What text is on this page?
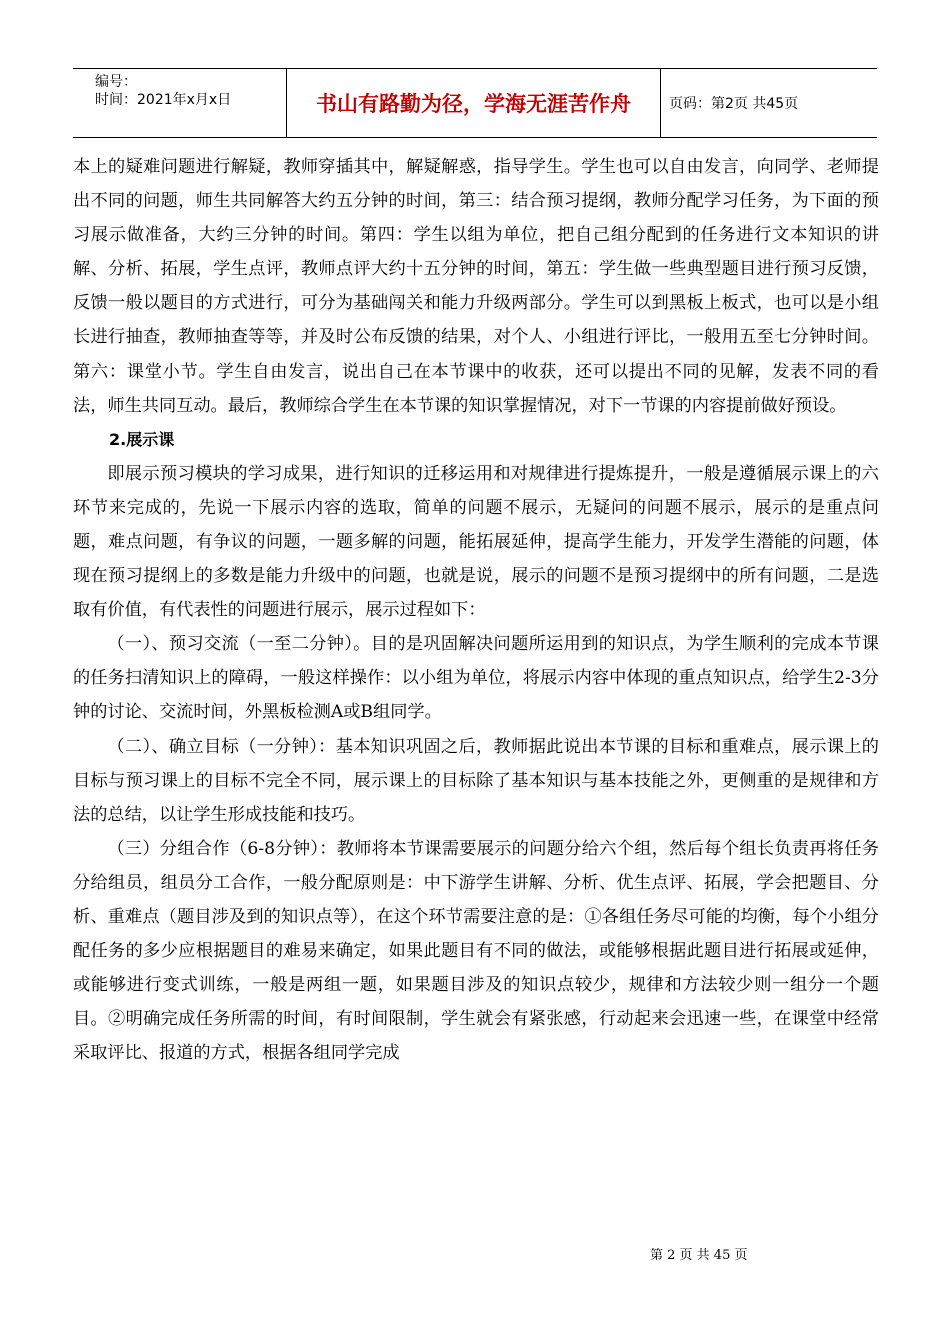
编号：
时间：2021年x月x日	书山有路勤为径，学海无涯苦作舟	页码：第2页 共45页

本上的疑难问题进行解疑，教师穿插其中，解疑解惑，指导学生。学生也可以自由发言，向同学、老师提出不同的问题，师生共同解答大约五分钟的时间，第三：结合预习提纲，教师分配学习任务，为下面的预习展示做准备，大约三分钟的时间。第四：学生以组为单位，把自己组分配到的任务进行文本知识的讲解、分析、拓展，学生点评，教师点评大约十五分钟的时间，第五：学生做一些典型题目进行预习反馈，反馈一般以题目的方式进行，可分为基础闯关和能力升级两部分。学生可以到黑板上板式，也可以是小组长进行抽查，教师抽查等等，并及时公布反馈的结果，对个人、小组进行评比，一般用五至七分钟时间。第六：课堂小节。学生自由发言，说出自己在本节课中的收获，还可以提出不同的见解，发表不同的看法，师生共同互动。最后，教师综合学生在本节课的知识掌握情况，对下一节课的内容提前做好预设。

2.展示课

即展示预习模块的学习成果，进行知识的迁移运用和对规律进行提炼提升，一般是遵循展示课上的六环节来完成的，先说一下展示内容的选取，简单的问题不展示，无疑问的问题不展示，展示的是重点问题，难点问题，有争议的问题，一题多解的问题，能拓展延伸，提高学生能力，开发学生潜能的问题，体现在预习提纲上的多数是能力升级中的问题，也就是说，展示的问题不是预习提纲中的所有问题，二是选取有价值，有代表性的问题进行展示，展示过程如下：

（一）、预习交流（一至二分钟）。目的是巩固解决问题所运用到的知识点，为学生顺利的完成本节课的任务扫清知识上的障碍，一般这样操作：以小组为单位，将展示内容中体现的重点知识点，给学生2-3分钟的讨论、交流时间，外黑板检测A或B组同学。

（二）、确立目标（一分钟）：基本知识巩固之后，教师据此说出本节课的目标和重难点，展示课上的目标与预习课上的目标不完全不同，展示课上的目标除了基本知识与基本技能之外，更侧重的是规律和方法的总结，以让学生形成技能和技巧。

（三）分组合作（6-8分钟）：教师将本节课需要展示的问题分给六个组，然后每个组长负责再将任务分给组员，组员分工合作，一般分配原则是：中下游学生讲解、分析、优生点评、拓展，学会把题目、分析、重难点（题目涉及到的知识点等），在这个环节需要注意的是：①各组任务尽可能的均衡，每个小组分配任务的多少应根据题目的难易来确定，如果此题目有不同的做法，或能够根据此题目进行拓展或延伸，或能够进行变式训练，一般是两组一题，如果题目涉及的知识点较少，规律和方法较少则一组分一个题目。②明确完成任务所需的时间，有时间限制，学生就会有紧张感，行动起来会迅速一些，在课堂中经常采取评比、报道的方式，根据各组同学完成

第 2 页 共 45 页
